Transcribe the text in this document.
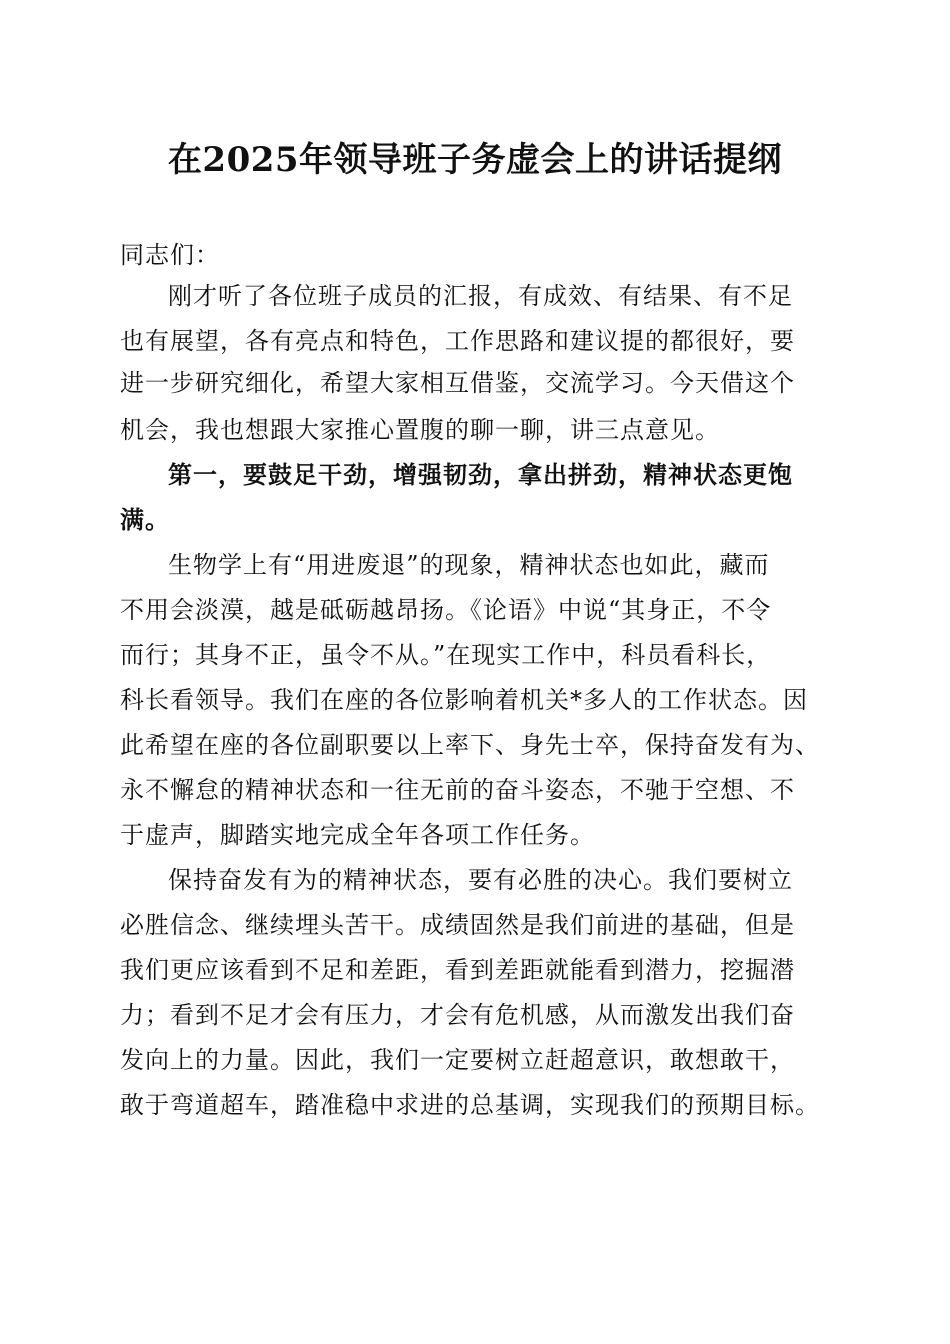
在2025年领导班子务虚会上的讲话提纲
同志们：
刚才听了各位班子成员的汇报，有成效、有结果、有不足
也有展望，各有亮点和特色，工作思路和建议提的都很好，要
进一步研究细化，希望大家相互借鉴，交流学习。今天借这个
机会，我也想跟大家推心置腹的聊一聊，讲三点意见。
第一，要鼓足干劲，增强韧劲，拿出拼劲，精神状态更饱
满。
生物学上有“用进废退”的现象，精神状态也如此，藏而
不用会淡漠，越是砥砺越昂扬。《论语》中说“其身正，不令
而行；其身不正，虽令不从。”在现实工作中，科员看科长，
科长看领导。我们在座的各位影响着机关*多人的工作状态。因
此希望在座的各位副职要以上率下、身先士卒，保持奋发有为、
永不懈怠的精神状态和一往无前的奋斗姿态，不驰于空想、不
于虚声，脚踏实地完成全年各项工作任务。
保持奋发有为的精神状态，要有必胜的决心。我们要树立
必胜信念、继续埋头苦干。成绩固然是我们前进的基础，但是
我们更应该看到不足和差距，看到差距就能看到潜力，挖掘潜
力；看到不足才会有压力，才会有危机感，从而激发出我们奋
发向上的力量。因此，我们一定要树立赶超意识，敢想敢干，
敢于弯道超车，踏准稳中求进的总基调，实现我们的预期目标。
